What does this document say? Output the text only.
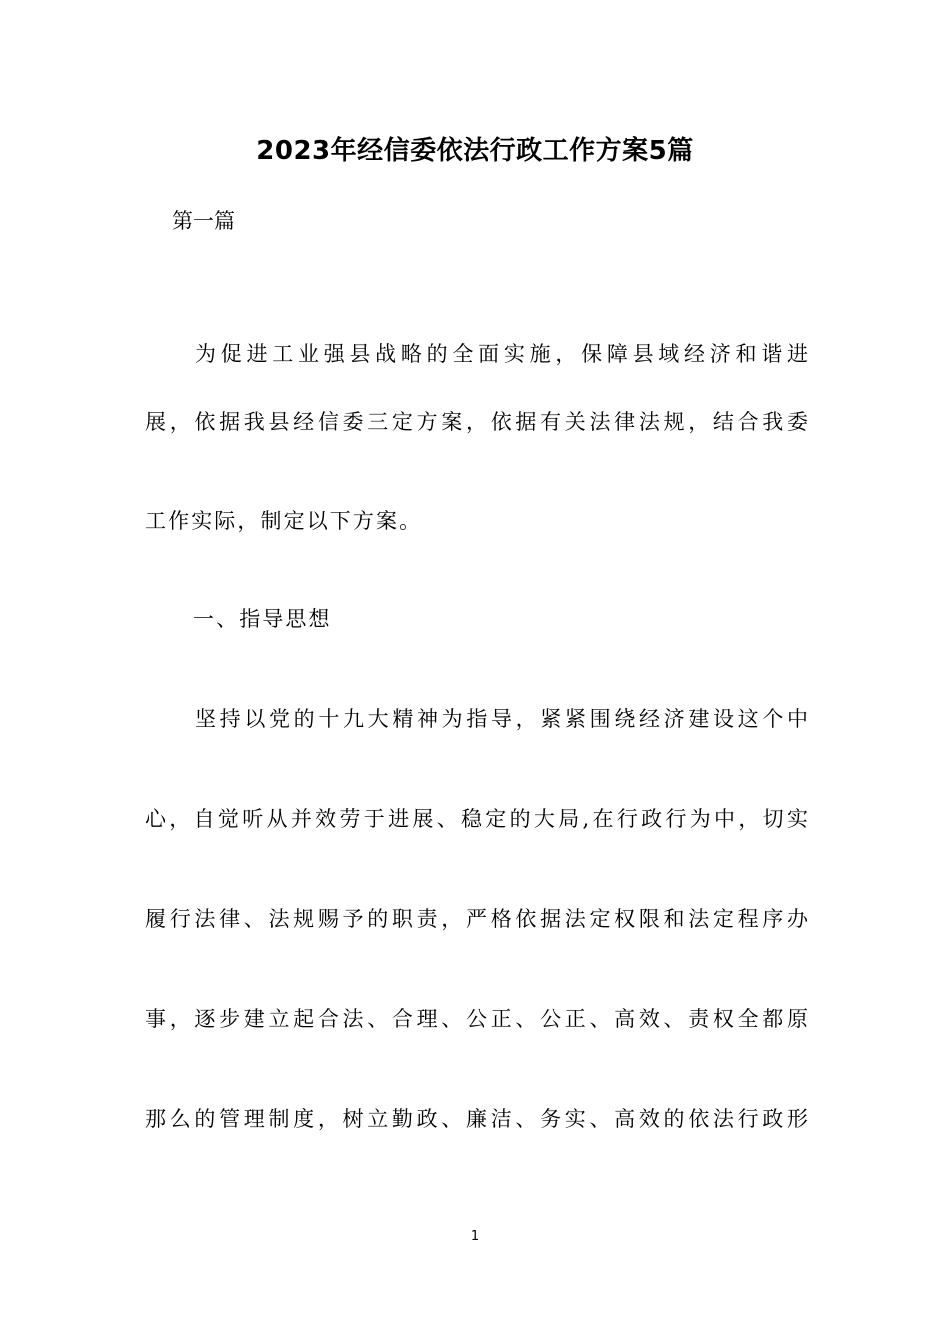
2023年经信委依法行政工作方案5篇
第一篇
为促进工业强县战略的全面实施，保障县域经济和谐进
展，依据我县经信委三定方案，依据有关法律法规，结合我委
工作实际，制定以下方案。
一、指导思想
坚持以党的十九大精神为指导，紧紧围绕经济建设这个中
心，自觉听从并效劳于进展、稳定的大局,在行政行为中，切实
履行法律、法规赐予的职责，严格依据法定权限和法定程序办
事，逐步建立起合法、合理、公正、公正、高效、责权全都原
那么的管理制度，树立勤政、廉洁、务实、高效的依法行政形
1
